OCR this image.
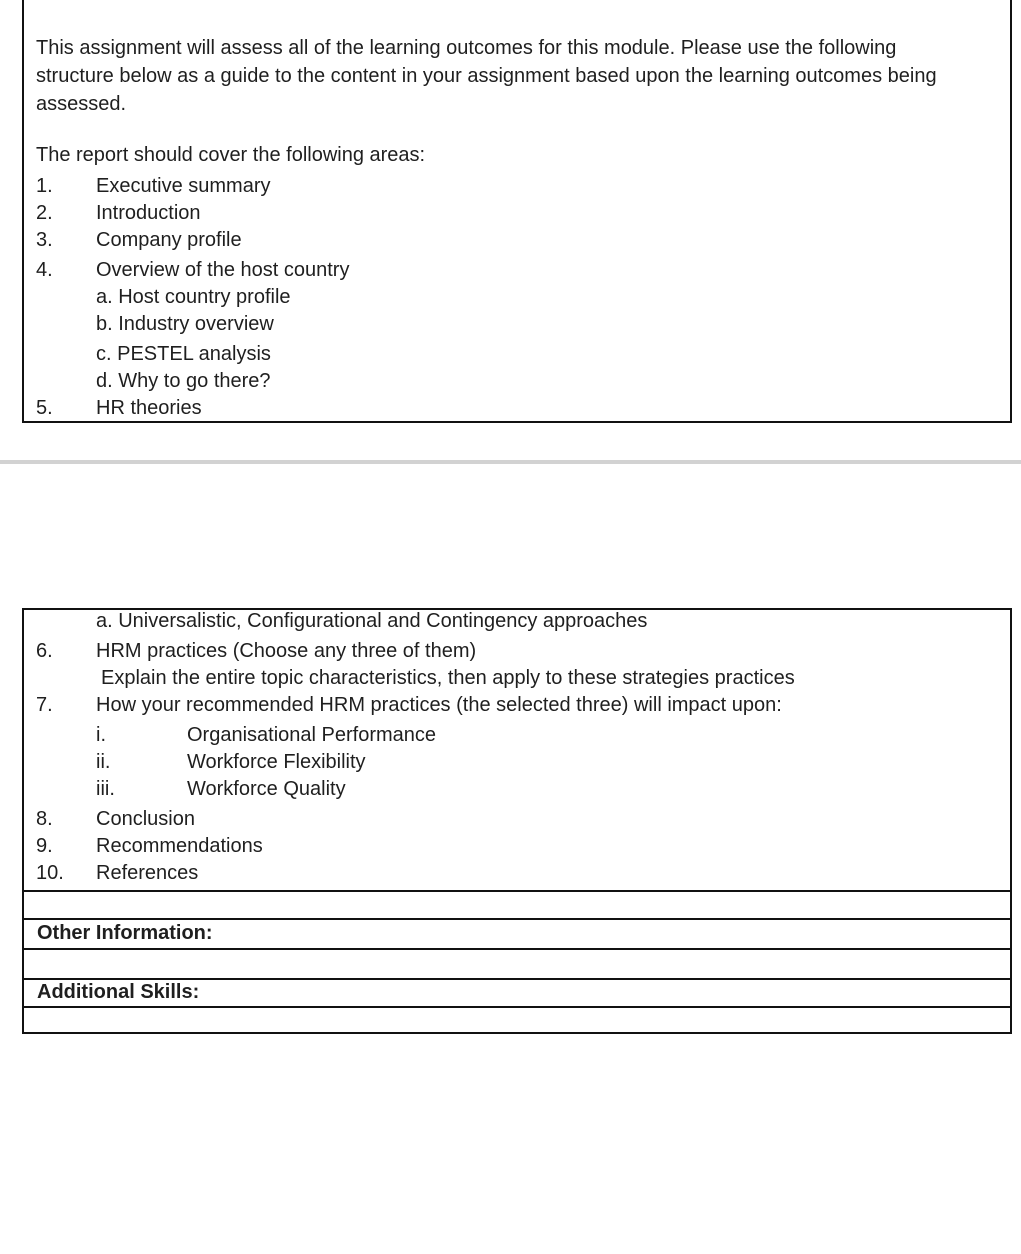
This assignment will assess all of the learning outcomes for this module. Please use the following
structure below as a guide to the content in your assignment based upon the learning outcomes being
assessed.
The report should cover the following areas:
1. Executive summary
2. Introduction
3. Company profile
4. Overview of the host country
a. Host country profile
b. Industry overview
c. PESTEL analysis
d. Why to go there?
5. HR theories
a. Universalistic, Configurational and Contingency approaches
6. HRM practices (Choose any three of them)
Explain the entire topic characteristics, then apply to these strategies practices
7. How your recommended HRM practices (the selected three) will impact upon:
i.	Organisational Performance
ii.	Workforce Flexibility
iii.	Workforce Quality
8. Conclusion
9. Recommendations
10. References
Other Information:
Additional Skills:
